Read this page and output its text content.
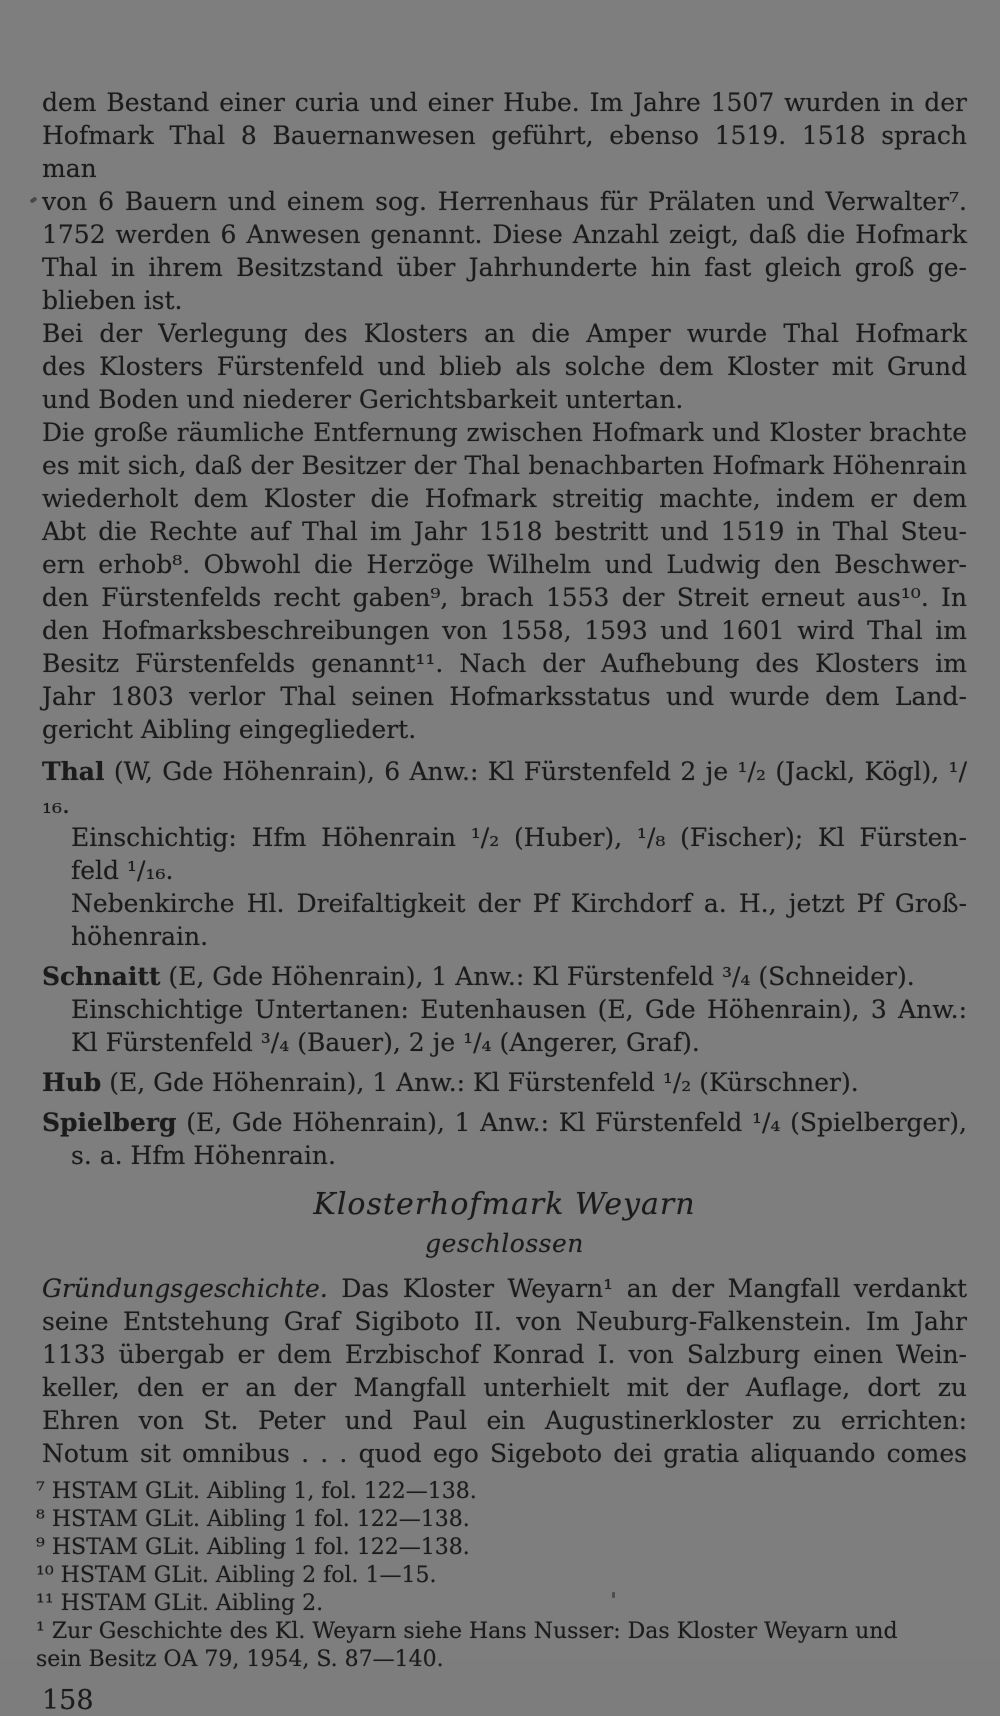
dem Bestand einer curia und einer Hube. Im Jahre 1507 wurden in der
Hofmark Thal 8 Bauernanwesen geführt, ebenso 1519. 1518 sprach man
von 6 Bauern und einem sog. Herrenhaus für Prälaten und Verwalter⁷.
1752 werden 6 Anwesen genannt. Diese Anzahl zeigt, daß die Hofmark
Thal in ihrem Besitzstand über Jahrhunderte hin fast gleich groß ge-
blieben ist.
Bei der Verlegung des Klosters an die Amper wurde Thal Hofmark
des Klosters Fürstenfeld und blieb als solche dem Kloster mit Grund
und Boden und niederer Gerichtsbarkeit untertan.
Die große räumliche Entfernung zwischen Hofmark und Kloster brachte
es mit sich, daß der Besitzer der Thal benachbarten Hofmark Höhenrain
wiederholt dem Kloster die Hofmark streitig machte, indem er dem
Abt die Rechte auf Thal im Jahr 1518 bestritt und 1519 in Thal Steu-
ern erhob⁸. Obwohl die Herzöge Wilhelm und Ludwig den Beschwer-
den Fürstenfelds recht gaben⁹, brach 1553 der Streit erneut aus¹⁰. In
den Hofmarksbeschreibungen von 1558, 1593 und 1601 wird Thal im
Besitz Fürstenfelds genannt¹¹. Nach der Aufhebung des Klosters im
Jahr 1803 verlor Thal seinen Hofmarksstatus und wurde dem Land-
gericht Aibling eingegliedert.
Thal (W, Gde Höhenrain), 6 Anw.: Kl Fürstenfeld 2 je ¹/₂ (Jackl, Kögl), ¹/₁₆.
Einschichtig: Hfm Höhenrain ¹/₂ (Huber), ¹/₈ (Fischer); Kl Fürsten-
feld ¹/₁₆.
Nebenkirche Hl. Dreifaltigkeit der Pf Kirchdorf a. H., jetzt Pf Groß-
höhenrain.
Schnaitt (E, Gde Höhenrain), 1 Anw.: Kl Fürstenfeld ³/₄ (Schneider).
Einschichtige Untertanen: Eutenhausen (E, Gde Höhenrain), 3 Anw.:
Kl Fürstenfeld ³/₄ (Bauer), 2 je ¹/₄ (Angerer, Graf).
Hub (E, Gde Höhenrain), 1 Anw.: Kl Fürstenfeld ¹/₂ (Kürschner).
Spielberg (E, Gde Höhenrain), 1 Anw.: Kl Fürstenfeld ¹/₄ (Spielberger),
s. a. Hfm Höhenrain.
Klosterhofmark Weyarn
geschlossen
Gründungsgeschichte. Das Kloster Weyarn¹ an der Mangfall verdankt
seine Entstehung Graf Sigiboto II. von Neuburg-Falkenstein. Im Jahr
1133 übergab er dem Erzbischof Konrad I. von Salzburg einen Wein-
keller, den er an der Mangfall unterhielt mit der Auflage, dort zu
Ehren von St. Peter und Paul ein Augustinerkloster zu errichten:
Notum sit omnibus . . . quod ego Sigeboto dei gratia aliquando comes
⁷ HSTAM GLit. Aibling 1, fol. 122—138.
⁸ HSTAM GLit. Aibling 1 fol. 122—138.
⁹ HSTAM GLit. Aibling 1 fol. 122—138.
¹⁰ HSTAM GLit. Aibling 2 fol. 1—15.
¹¹ HSTAM GLit. Aibling 2.
¹ Zur Geschichte des Kl. Weyarn siehe Hans Nusser: Das Kloster Weyarn und
sein Besitz OA 79, 1954, S. 87—140.
158
